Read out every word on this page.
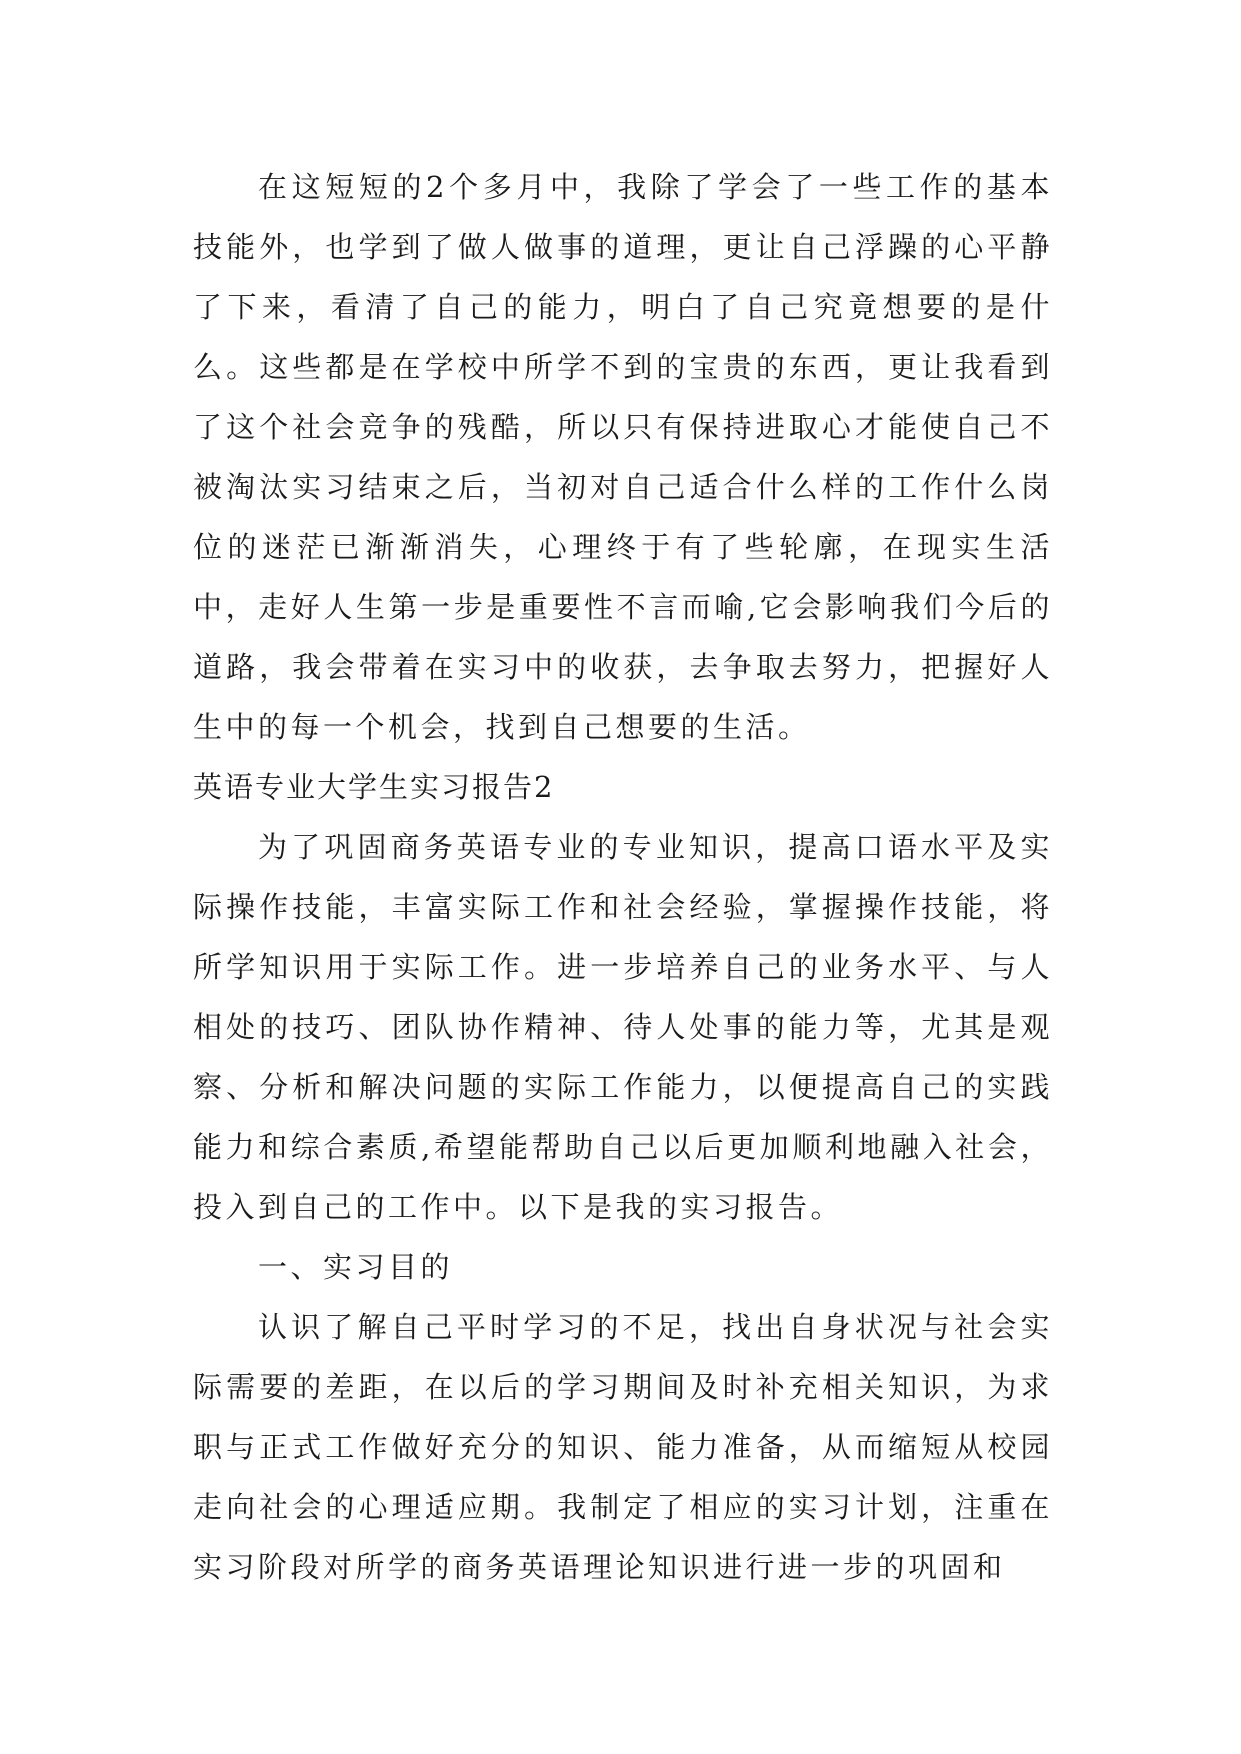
在这短短的2个多月中，我除了学会了一些工作的基本技能外，也学到了做人做事的道理，更让自己浮躁的心平静了下来，看清了自己的能力，明白了自己究竟想要的是什么。这些都是在学校中所学不到的宝贵的东西，更让我看到了这个社会竞争的残酷，所以只有保持进取心才能使自己不被淘汰实习结束之后，当初对自己适合什么样的工作什么岗位的迷茫已渐渐消失，心理终于有了些轮廓，在现实生活中，走好人生第一步是重要性不言而喻,它会影响我们今后的道路，我会带着在实习中的收获，去争取去努力，把握好人生中的每一个机会，找到自己想要的生活。

英语专业大学生实习报告2

为了巩固商务英语专业的专业知识，提高口语水平及实际操作技能，丰富实际工作和社会经验，掌握操作技能，将所学知识用于实际工作。进一步培养自己的业务水平、与人相处的技巧、团队协作精神、待人处事的能力等，尤其是观察、分析和解决问题的实际工作能力，以便提高自己的实践能力和综合素质,希望能帮助自己以后更加顺利地融入社会，投入到自己的工作中。以下是我的实习报告。

一、实习目的

认识了解自己平时学习的不足，找出自身状况与社会实际需要的差距，在以后的学习期间及时补充相关知识，为求职与正式工作做好充分的知识、能力准备，从而缩短从校园走向社会的心理适应期。我制定了相应的实习计划，注重在实习阶段对所学的商务英语理论知识进行进一步的巩固和
